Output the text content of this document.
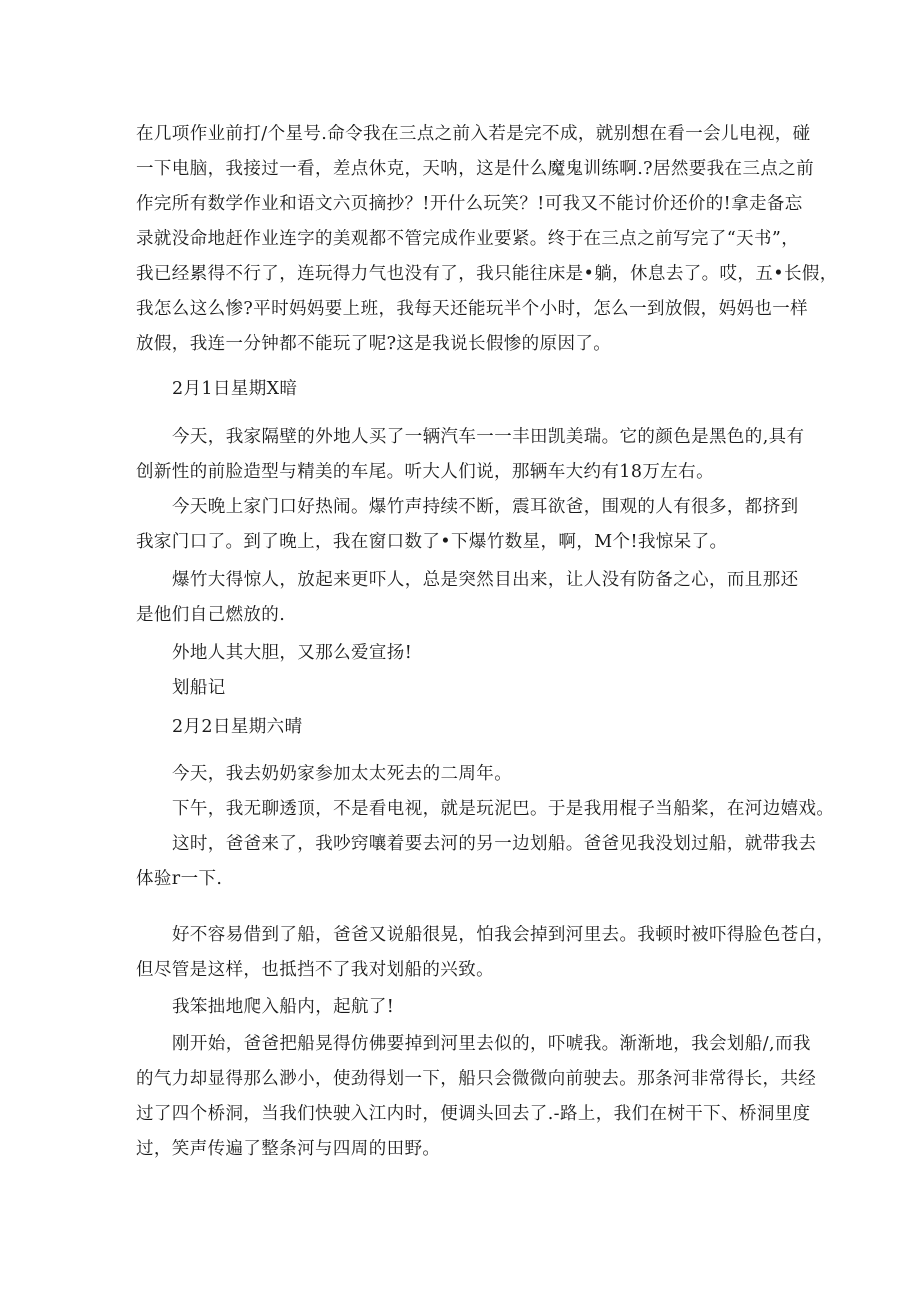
在几项作业前打/个星号.命令我在三点之前入若是完不成，就别想在看一会儿电视，碰
一下电脑，我接过一看，差点休克，天呐，这是什么魔鬼训练啊.?居然要我在三点之前
作完所有数学作业和语文六页摘抄？!开什么玩笑？!可我又不能讨价还价的!拿走备忘
录就没命地赶作业连字的美观都不管完成作业要紧。终于在三点之前写完了“天书”，
我已经累得不行了，连玩得力气也没有了，我只能往床是•躺，休息去了。哎，五•长假，
我怎么这么惨?平时妈妈要上班，我每天还能玩半个小时，怎么一到放假，妈妈也一样
放假，我连一分钟都不能玩了呢?这是我说长假惨的原因了。
2月1日星期X暗
今天，我家隔壁的外地人买了一辆汽车一一丰田凯美瑞。它的颜色是黑色的,具有
创新性的前脸造型与精美的车尾。听大人们说，那辆车大约有18万左右。
今天晚上家门口好热闹。爆竹声持续不断，震耳欲爸，围观的人有很多，都挤到
我家门口了。到了晚上，我在窗口数了•下爆竹数星，啊，M个!我惊呆了。
爆竹大得惊人，放起来更吓人，总是突然目出来，让人没有防备之心，而且那还
是他们自己燃放的.
外地人其大胆，又那么爱宣扬!
划船记
2月2日星期六晴
今天，我去奶奶家参加太太死去的二周年。
下午，我无聊透顶，不是看电视，就是玩泥巴。于是我用棍子当船桨，在河边嬉戏。
这时，爸爸来了，我吵窍嚷着要去河的另一边划船。爸爸见我没划过船，就带我去
体验r一下.
好不容易借到了船，爸爸又说船很晃，怕我会掉到河里去。我顿时被吓得脸色苍白，
但尽管是这样，也抵挡不了我对划船的兴致。
我笨拙地爬入船内，起航了!
刚开始，爸爸把船晃得仿佛要掉到河里去似的，吓唬我。渐渐地，我会划船/,而我
的气力却显得那么渺小，使劲得划一下，船只会微微向前驶去。那条河非常得长，共经
过了四个桥洞，当我们快驶入江内时，便调头回去了.-路上，我们在树干下、桥洞里度
过，笑声传遍了整条河与四周的田野。
